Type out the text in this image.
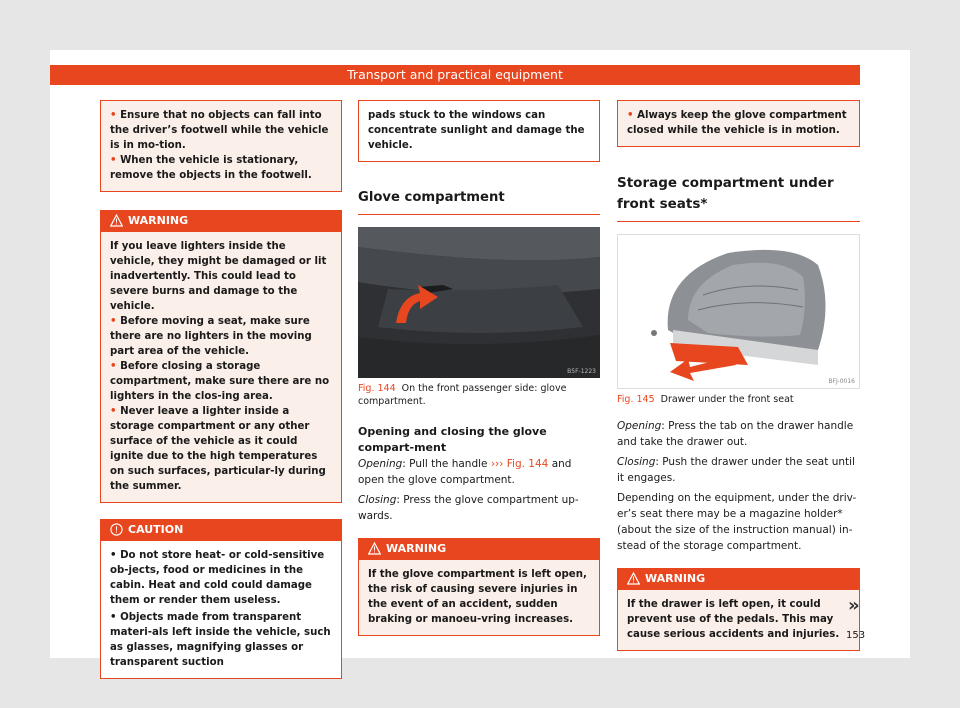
Transport and practical equipment

• Ensure that no objects can fall into the driver’s footwell while the vehicle is in mo-tion.

• When the vehicle is stationary, remove the objects in the footwell.

WARNING

If you leave lighters inside the vehicle, they might be damaged or lit inadvertently. This could lead to severe burns and damage to the vehicle.

• Before moving a seat, make sure there are no lighters in the moving part area of the vehicle.

• Before closing a storage compartment, make sure there are no lighters in the clos-ing area.

• Never leave a lighter inside a storage compartment or any other surface of the vehicle as it could ignite due to the high temperatures on such surfaces, particular-ly during the summer.

CAUTION

• Do not store heat- or cold-sensitive ob-jects, food or medicines in the cabin. Heat and cold could damage them or render them useless.

• Objects made from transparent materi-als left inside the vehicle, such as glasses, magnifying glasses or transparent suction

pads stuck to the windows can concentrate sunlight and damage the vehicle.

Glove compartment

B5F-1223

Fig. 144 On the front passenger side: glove compartment.

Opening and closing the glove compart-ment

Opening: Pull the handle ››› Fig. 144 and open the glove compartment.

Closing: Press the glove compartment up-wards.

WARNING

If the glove compartment is left open, the risk of causing severe injuries in the event of an accident, sudden braking or manoeu-vring increases.

• Always keep the glove compartment closed while the vehicle is in motion.

Storage compartment under front seats*

BFJ-0016

Fig. 145 Drawer under the front seat

Opening: Press the tab on the drawer handle and take the drawer out.

Closing: Push the drawer under the seat until it engages.

Depending on the equipment, under the driv-er’s seat there may be a magazine holder* (about the size of the instruction manual) in-stead of the storage compartment.

WARNING

If the drawer is left open, it could prevent use of the pedals. This may cause serious accidents and injuries.

»
153
